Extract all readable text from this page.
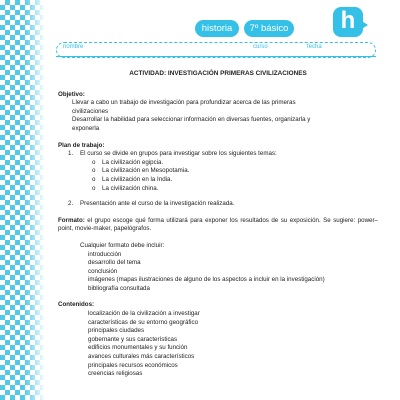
historia	7º básico	h
nombre	curso	fecha
ACTIVIDAD: INVESTIGACIÓN PRIMERAS CIVILIZACIONES
Objetivo:
Llevar a cabo un trabajo de investigación para profundizar acerca de las primeras
civilizaciones
Desarrollar la habilidad para seleccionar información en diversas fuentes, organizarla y
exponerla
Plan de trabajo:
1. El curso se divide en grupos para investigar sobre los siguientes temas:
o La civilización egipcia.
o La civilización en Mesopotamia.
o La civilización en la India.
o La civilización china.
2. Presentación ante el curso de la investigación realizada.
Formato: el grupo escoge qué forma utilizará para exponer los resultados de su exposición. Se sugiere: power–point, movie-maker, papelógrafos.
Cualquier formato debe incluir:
introducción
desarrollo del tema
conclusión
imágenes (mapas ilustraciones de alguno de los aspectos a incluir en la investigación)
bibliografía consultada
Contenidos:
localización de la civilización a investigar
características de su entorno geográfico
principales ciudades
gobernante y sus características
edificios monumentales y su función
avances culturales más característicos
principales recursos económicos
creencias religiosas
